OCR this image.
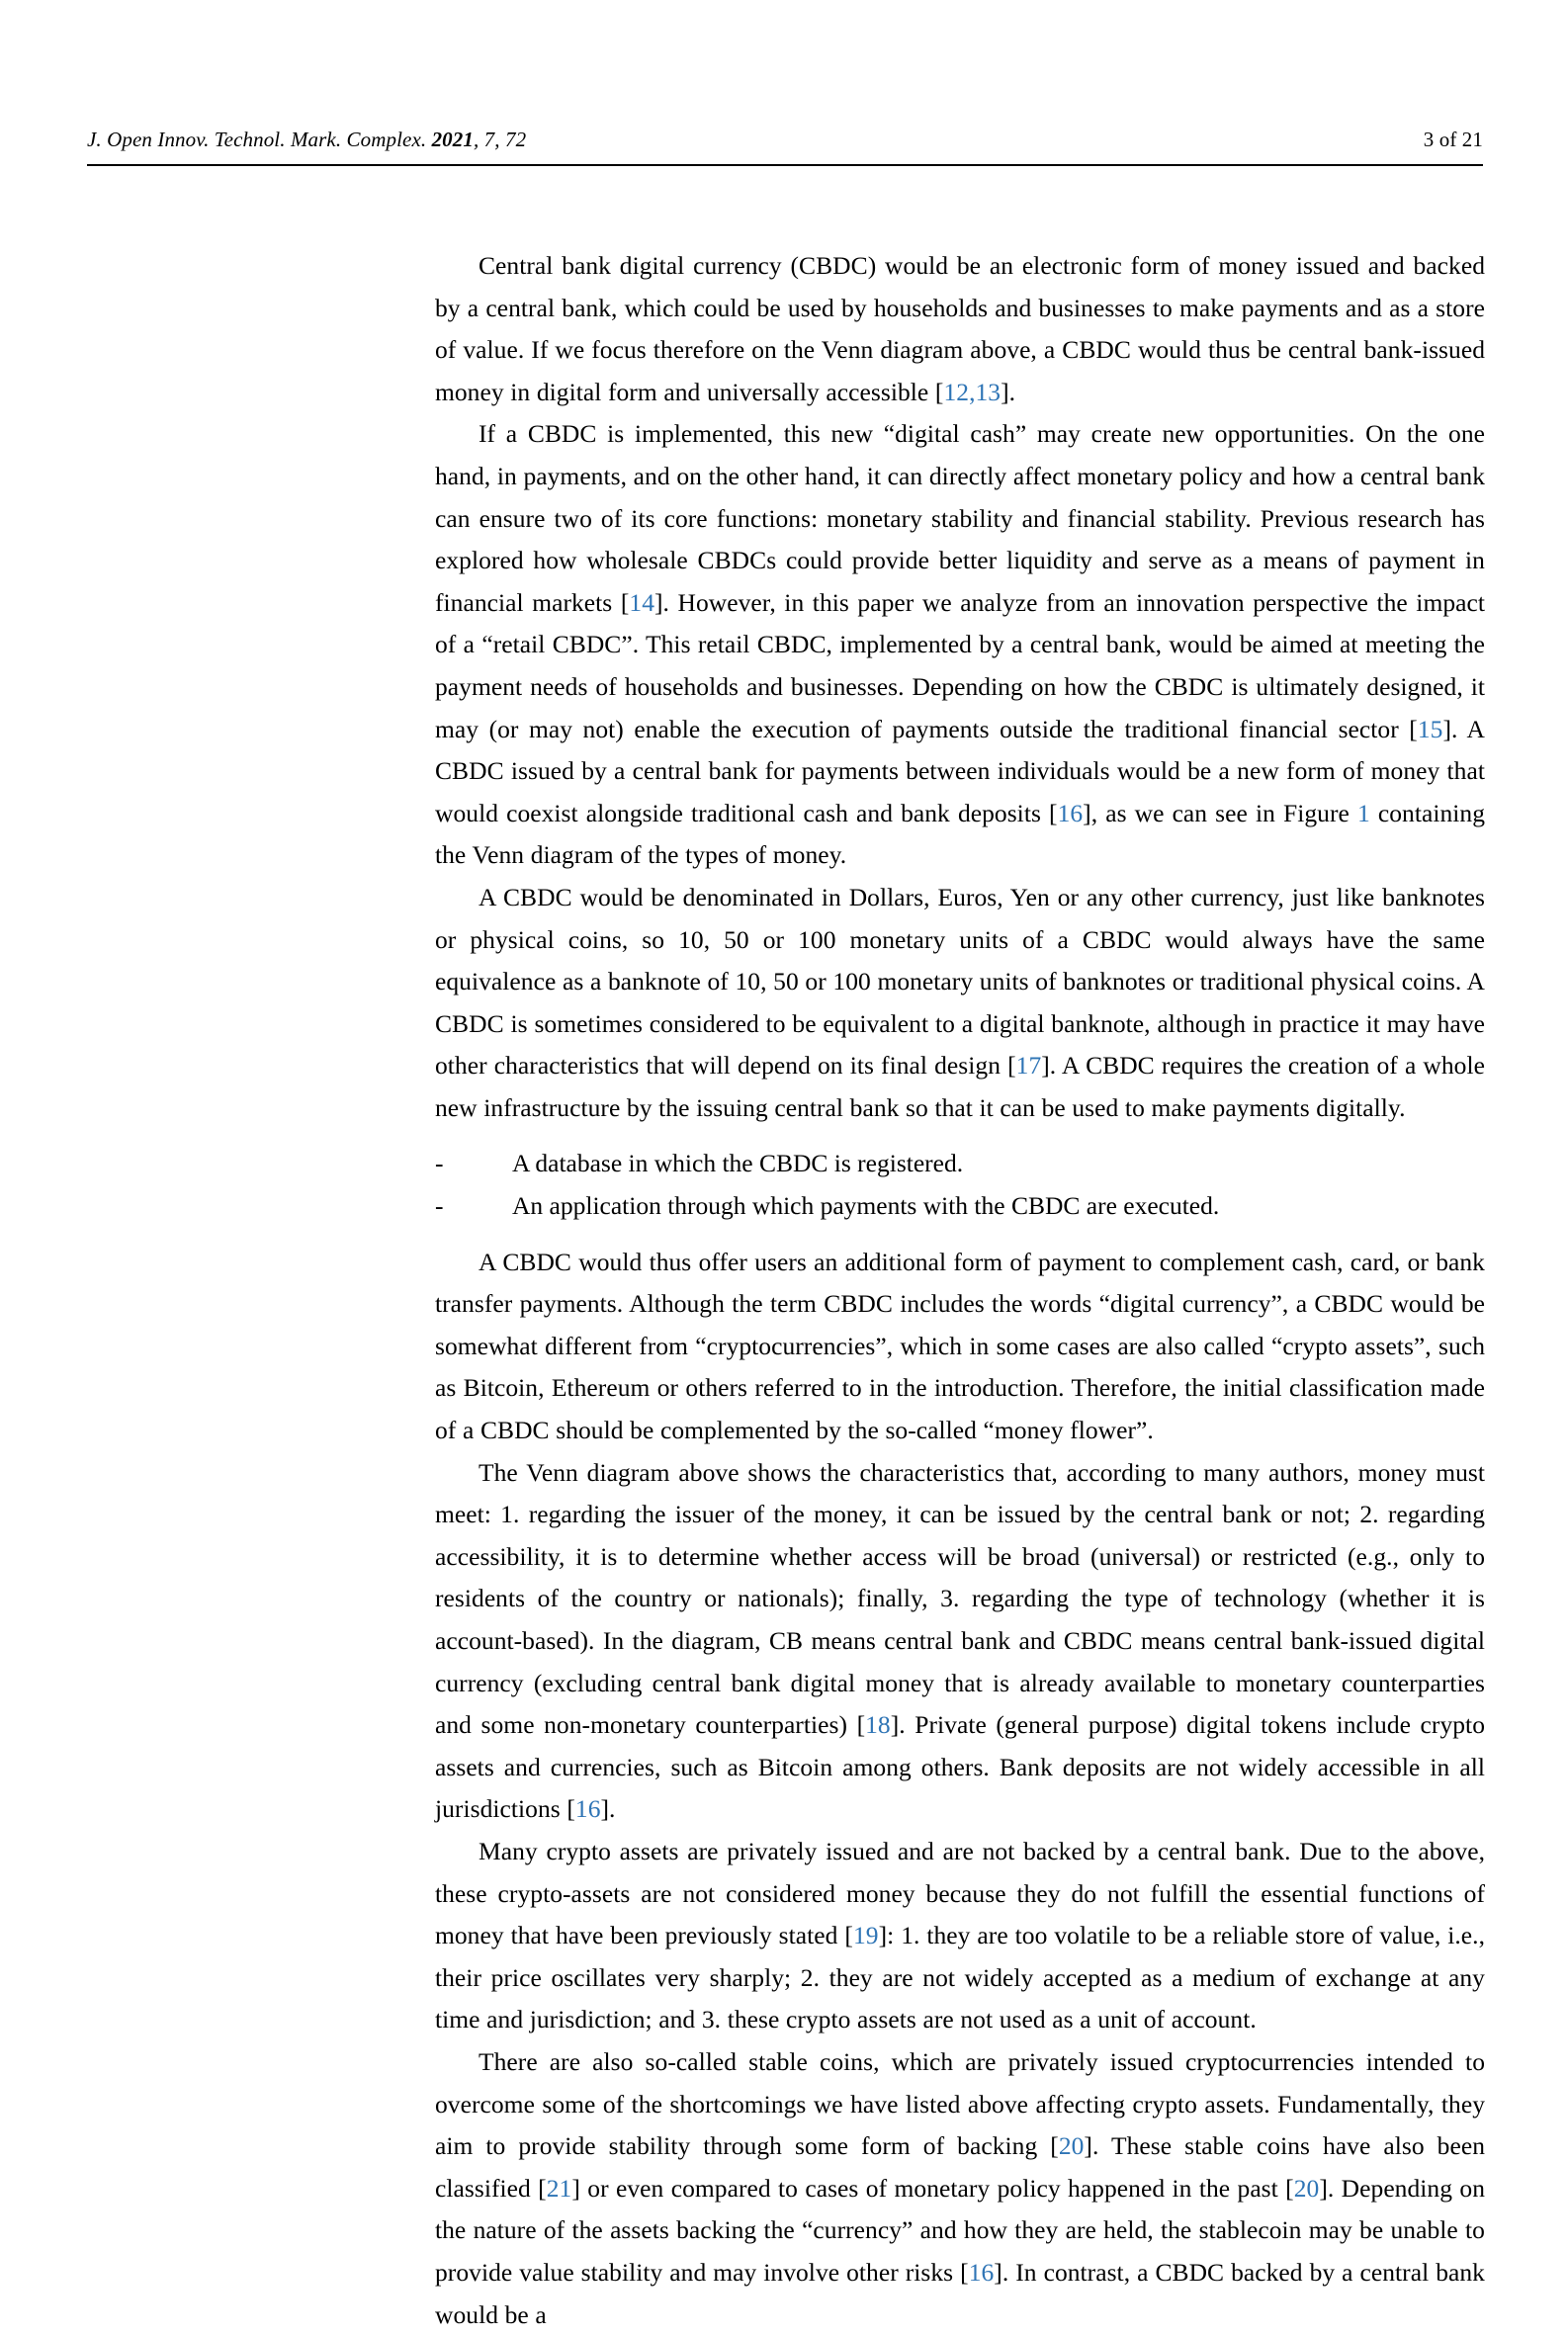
J. Open Innov. Technol. Mark. Complex. 2021, 7, 72	3 of 21

Central bank digital currency (CBDC) would be an electronic form of money issued and backed by a central bank, which could be used by households and businesses to make payments and as a store of value. If we focus therefore on the Venn diagram above, a CBDC would thus be central bank-issued money in digital form and universally accessible [12,13].

If a CBDC is implemented, this new “digital cash” may create new opportunities. On the one hand, in payments, and on the other hand, it can directly affect monetary policy and how a central bank can ensure two of its core functions: monetary stability and financial stability. Previous research has explored how wholesale CBDCs could provide better liquidity and serve as a means of payment in financial markets [14]. However, in this paper we analyze from an innovation perspective the impact of a “retail CBDC”. This retail CBDC, implemented by a central bank, would be aimed at meeting the payment needs of households and businesses. Depending on how the CBDC is ultimately designed, it may (or may not) enable the execution of payments outside the traditional financial sector [15]. A CBDC issued by a central bank for payments between individuals would be a new form of money that would coexist alongside traditional cash and bank deposits [16], as we can see in Figure 1 containing the Venn diagram of the types of money.

A CBDC would be denominated in Dollars, Euros, Yen or any other currency, just like banknotes or physical coins, so 10, 50 or 100 monetary units of a CBDC would always have the same equivalence as a banknote of 10, 50 or 100 monetary units of banknotes or traditional physical coins. A CBDC is sometimes considered to be equivalent to a digital banknote, although in practice it may have other characteristics that will depend on its final design [17]. A CBDC requires the creation of a whole new infrastructure by the issuing central bank so that it can be used to make payments digitally.

-	A database in which the CBDC is registered.
-	An application through which payments with the CBDC are executed.

A CBDC would thus offer users an additional form of payment to complement cash, card, or bank transfer payments. Although the term CBDC includes the words “digital currency”, a CBDC would be somewhat different from “cryptocurrencies”, which in some cases are also called “crypto assets”, such as Bitcoin, Ethereum or others referred to in the introduction. Therefore, the initial classification made of a CBDC should be complemented by the so-called “money flower”.

The Venn diagram above shows the characteristics that, according to many authors, money must meet: 1. regarding the issuer of the money, it can be issued by the central bank or not; 2. regarding accessibility, it is to determine whether access will be broad (universal) or restricted (e.g., only to residents of the country or nationals); finally, 3. regarding the type of technology (whether it is account-based). In the diagram, CB means central bank and CBDC means central bank-issued digital currency (excluding central bank digital money that is already available to monetary counterparties and some non-monetary counterparties) [18]. Private (general purpose) digital tokens include crypto assets and currencies, such as Bitcoin among others. Bank deposits are not widely accessible in all jurisdictions [16].

Many crypto assets are privately issued and are not backed by a central bank. Due to the above, these crypto-assets are not considered money because they do not fulfill the essential functions of money that have been previously stated [19]: 1. they are too volatile to be a reliable store of value, i.e., their price oscillates very sharply; 2. they are not widely accepted as a medium of exchange at any time and jurisdiction; and 3. these crypto assets are not used as a unit of account.

There are also so-called stable coins, which are privately issued cryptocurrencies intended to overcome some of the shortcomings we have listed above affecting crypto assets. Fundamentally, they aim to provide stability through some form of backing [20]. These stable coins have also been classified [21] or even compared to cases of monetary policy happened in the past [20]. Depending on the nature of the assets backing the “currency” and how they are held, the stablecoin may be unable to provide value stability and may involve other risks [16]. In contrast, a CBDC backed by a central bank would be a
